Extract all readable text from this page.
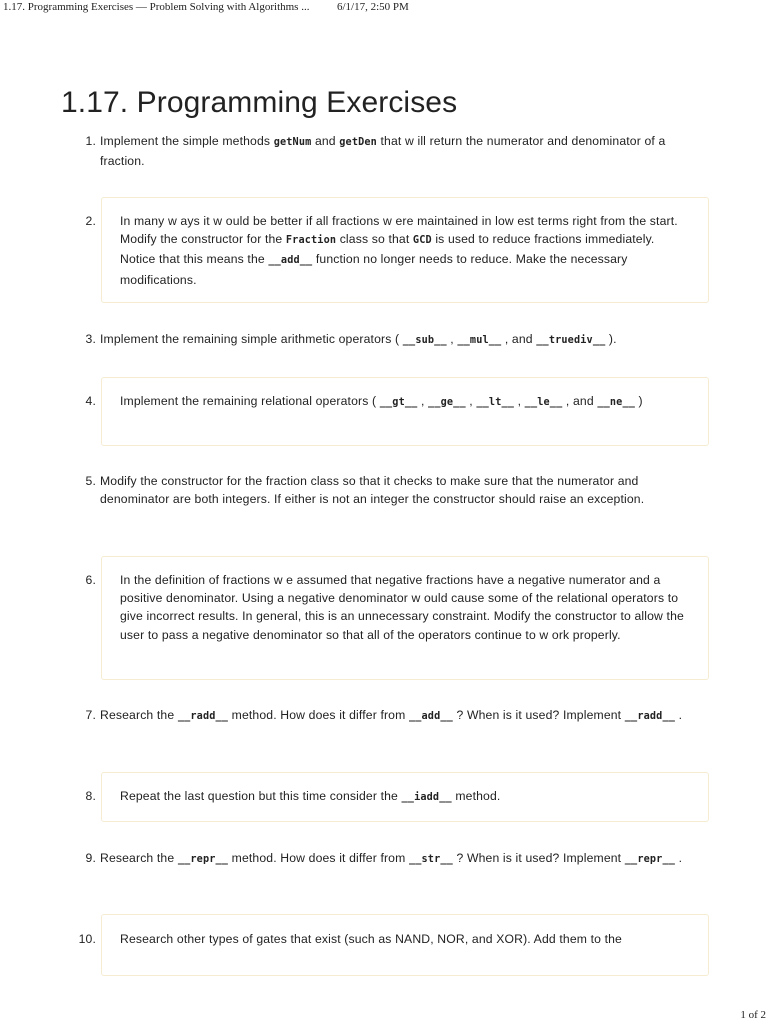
1.17. Programming Exercises — Problem Solving with Algorithms ...	6/1/17, 2:50 PM
1.17. Programming Exercises
1. Implement the simple methods getNum and getDen that w ill return the numerator and denominator of a fraction.
2. In many w ays it w ould be better if all fractions w ere maintained in low est terms right from the start. Modify the constructor for the Fraction class so that GCD is used to reduce fractions immediately. Notice that this means the __add__ function no longer needs to reduce. Make the necessary modifications.
3. Implement the remaining simple arithmetic operators ( __sub__ , __mul__ , and __truediv__ ).
4. Implement the remaining relational operators ( __gt__ , __ge__ , __lt__ , __le__ , and __ne__ )
5. Modify the constructor for the fraction class so that it checks to make sure that the numerator and denominator are both integers. If either is not an integer the constructor should raise an exception.
6. In the definition of fractions w e assumed that negative fractions have a negative numerator and a positive denominator. Using a negative denominator w ould cause some of the relational operators to give incorrect results. In general, this is an unnecessary constraint. Modify the constructor to allow the user to pass a negative denominator so that all of the operators continue to w ork properly.
7. Research the __radd__ method. How does it differ from __add__ ? When is it used? Implement __radd__ .
8. Repeat the last question but this time consider the __iadd__ method.
9. Research the __repr__ method. How does it differ from __str__ ? When is it used? Implement __repr__ .
10. Research other types of gates that exist (such as NAND, NOR, and XOR). Add them to the
1 of 2
